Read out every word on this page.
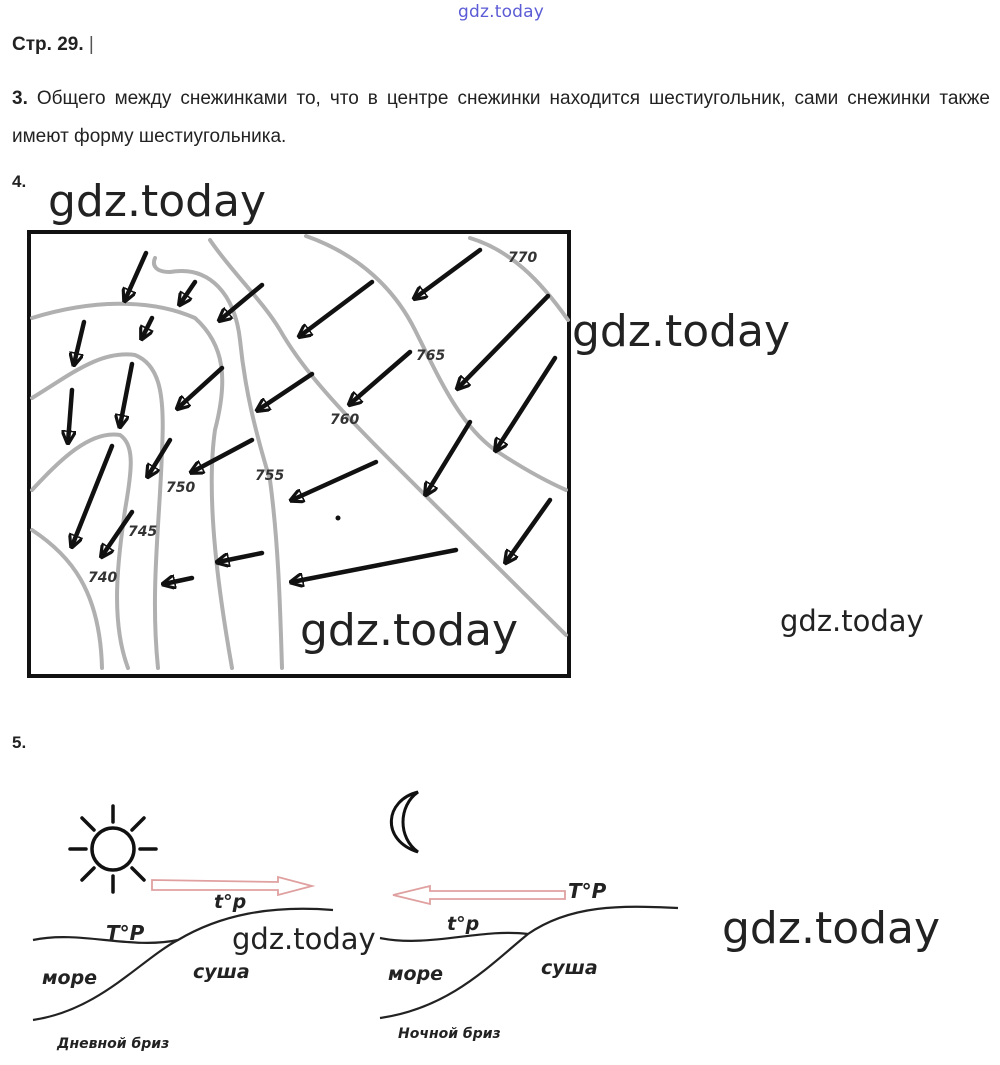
gdz.today
Стр. 29. |
3. Общего между снежинками то, что в центре снежинки находится шестиугольник, сами снежинки также имеют форму шестиугольника.
4. gdz.today
gdz.today
gdz.today	gdz.today
770
765
760
755
750
745
740
t°p
T°P
море	суша
Дневной бриз
T°P
t°p
море	суша
Ночной бриз
5.
gdz.today	gdz.today
